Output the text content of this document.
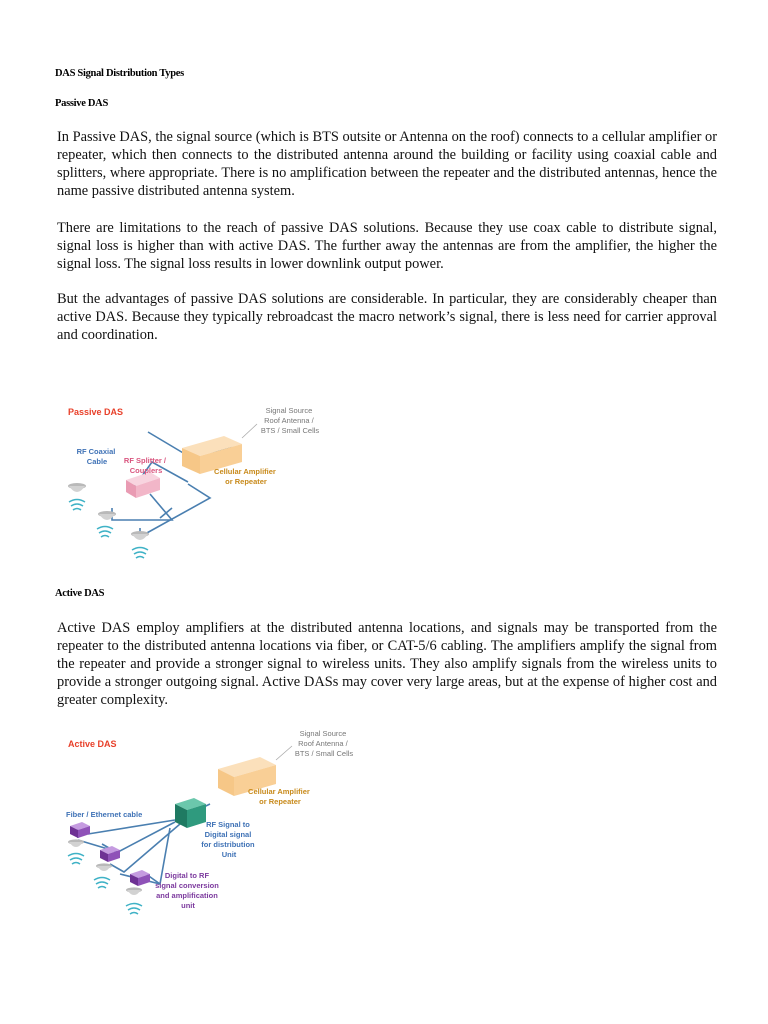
DAS Signal Distribution Types
Passive DAS

In Passive DAS, the signal source (which is BTS outsite or Antenna on the roof) connects to a cellular amplifier or repeater, which then connects to the distributed antenna around the building or facility using coaxial cable and splitters, where appropriate. There is no amplification between the repeater and the distributed antennas, hence the name passive distributed antenna system.

There are limitations to the reach of passive DAS solutions. Because they use coax cable to distribute signal, signal loss is higher than with active DAS. The further away the antennas are from the amplifier, the higher the signal loss. The signal loss results in lower downlink output power.

But the advantages of passive DAS solutions are considerable. In particular, they are considerably cheaper than active DAS. Because they typically rebroadcast the macro network’s signal, there is less need for carrier approval and coordination.

Passive DAS	Signal Source Roof Antenna / BTS / Small Cells
RF Coaxial Cable	RF Splitter / Couplers	Cellular Amplifier or Repeater
Active DAS

Active DAS employ amplifiers at the distributed antenna locations, and signals may be transported from the repeater to the distributed antenna locations via fiber, or CAT-5/6 cabling. The amplifiers amplify the signal from the repeater and provide a stronger signal to wireless units. They also amplify signals from the wireless units to provide a stronger outgoing signal. Active DASs may cover very large areas, but at the expense of higher cost and greater complexity.

Active DAS
Signal Source Roof Antenna / BTS / Small Cells
Fiber / Ethernet cable
Cellular Amplifier or Repeater
RF Signal to Digital signal for distribution Unit
Digital to RF signal conversion and amplification unit
